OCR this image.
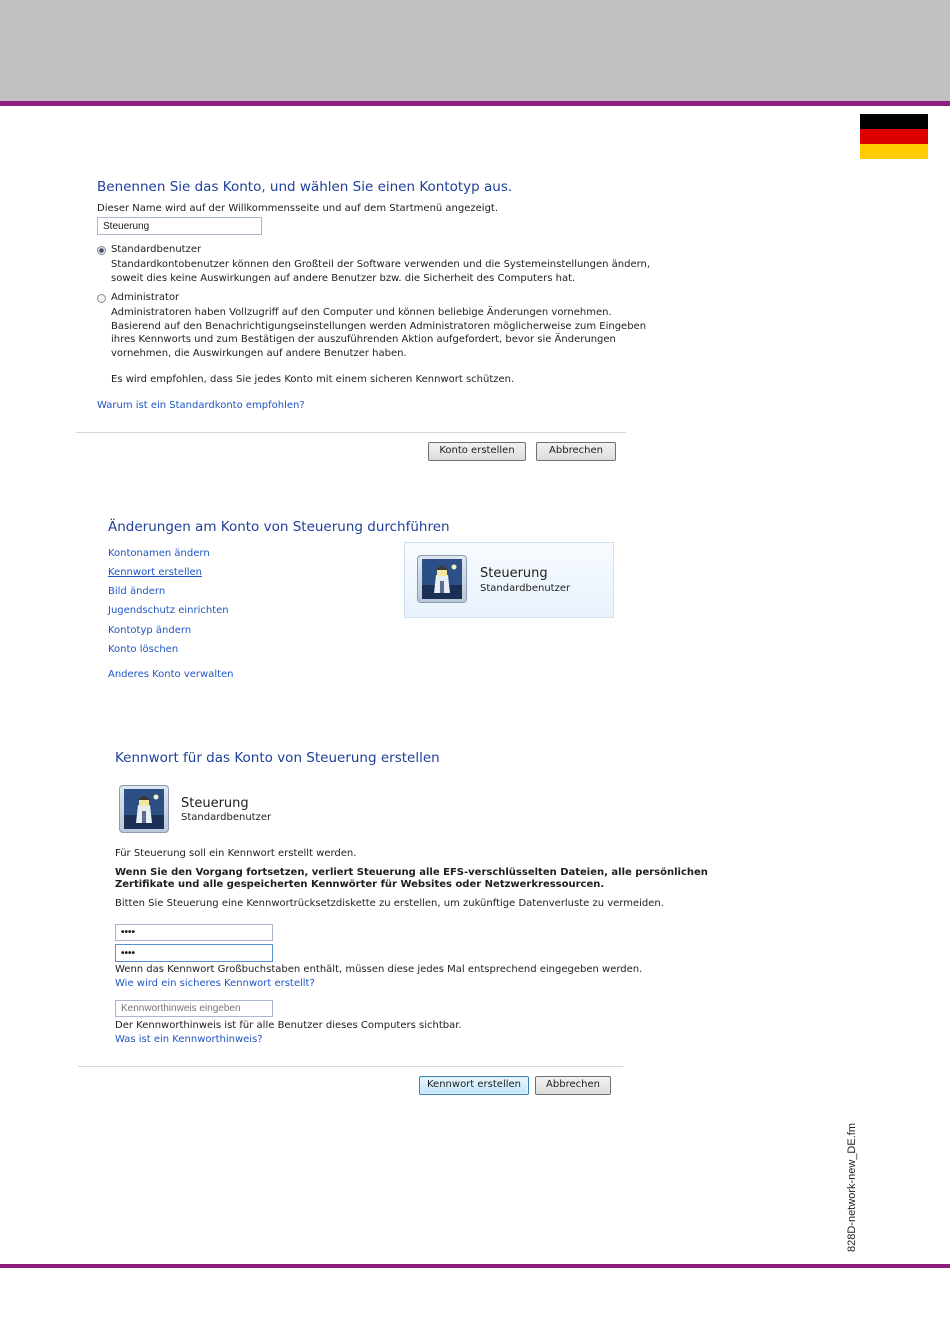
Benennen Sie das Konto, und wählen Sie einen Kontotyp aus.
Dieser Name wird auf der Willkommensseite und auf dem Startmenü angezeigt.
Steuerung
Standardbenutzer
Standardkontobenutzer können den Großteil der Software verwenden und die Systemeinstellungen ändern,
soweit dies keine Auswirkungen auf andere Benutzer bzw. die Sicherheit des Computers hat.
Administrator
Administratoren haben Vollzugriff auf den Computer und können beliebige Änderungen vornehmen.
Basierend auf den Benachrichtigungseinstellungen werden Administratoren möglicherweise zum Eingeben
ihres Kennworts und zum Bestätigen der auszuführenden Aktion aufgefordert, bevor sie Änderungen
vornehmen, die Auswirkungen auf andere Benutzer haben.
Es wird empfohlen, dass Sie jedes Konto mit einem sicheren Kennwort schützen.
Warum ist ein Standardkonto empfohlen?
Konto erstellen	Abbrechen
Änderungen am Konto von Steuerung durchführen
Kontonamen ändern
Kennwort erstellen
Bild ändern
Jugendschutz einrichten
Kontotyp ändern
Konto löschen
Anderes Konto verwalten
Steuerung
Standardbenutzer
Kennwort für das Konto von Steuerung erstellen
Steuerung
Standardbenutzer
Für Steuerung soll ein Kennwort erstellt werden.
Wenn Sie den Vorgang fortsetzen, verliert Steuerung alle EFS-verschlüsselten Dateien, alle persönlichen
Zertifikate und alle gespeicherten Kennwörter für Websites oder Netzwerkressourcen.
Bitten Sie Steuerung eine Kennwortrücksetzdiskette zu erstellen, um zukünftige Datenverluste zu vermeiden.
••••
••••
Wenn das Kennwort Großbuchstaben enthält, müssen diese jedes Mal entsprechend eingegeben werden.
Wie wird ein sicheres Kennwort erstellt?
Kennworthinweis eingeben
Der Kennworthinweis ist für alle Benutzer dieses Computers sichtbar.
Was ist ein Kennworthinweis?
Kennwort erstellen	Abbrechen
828D-network-new_DE.fm
